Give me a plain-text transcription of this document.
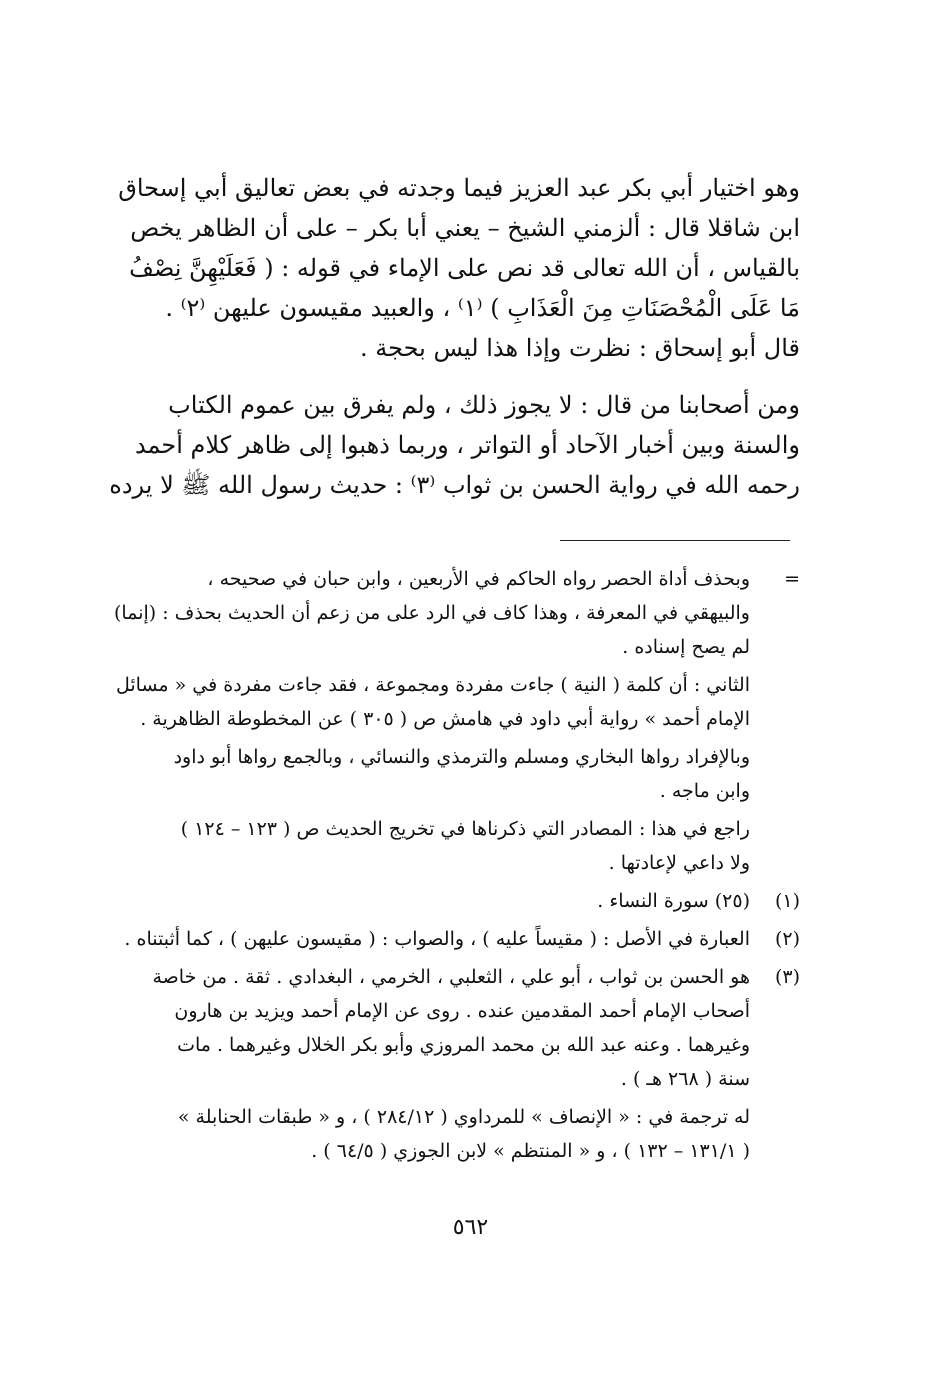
وهو اختيار أبي بكر عبد العزيز فيما وجدته في بعض تعاليق أبي إسحاق
ابن شاقلا قال : ألزمني الشيخ – يعني أبا بكر – على أن الظاهر يخص
بالقياس ، أن الله تعالى قد نص على الإماء في قوله : ( فَعَلَيْهِنَّ نِصْفُ
مَا عَلَى الْمُحْصَنَاتِ مِنَ الْعَذَابِ ) ⁽١⁾ ، والعبيد مقيسون عليهن ⁽٢⁾ .
قال أبو إسحاق : نظرت وإذا هذا ليس بحجة .
ومن أصحابنا من قال : لا يجوز ذلك ، ولم يفرق بين عموم الكتاب
والسنة وبين أخبار الآحاد أو التواتر ، وربما ذهبوا إلى ظاهر كلام أحمد
رحمه الله في رواية الحسن بن ثواب ⁽٣⁾ : حديث رسول الله ﷺ لا يرده
=
وبحذف أداة الحصر رواه الحاكم في الأربعين ، وابن حبان في صحيحه ،
والبيهقي في المعرفة ، وهذا كاف في الرد على من زعم أن الحديث بحذف : (إنما)
لم يصح إسناده .
الثاني : أن كلمة ( النية ) جاءت مفردة ومجموعة ، فقد جاءت مفردة في « مسائل
الإمام أحمد » رواية أبي داود في هامش ص ( ٣٠٥ ) عن المخطوطة الظاهرية .
وبالإفراد رواها البخاري ومسلم والترمذي والنسائي ، وبالجمع رواها أبو داود
وابن ماجه .
راجع في هذا : المصادر التي ذكرناها في تخريج الحديث ص ( ١٢٣ – ١٢٤ )
ولا داعي لإعادتها .
(١)
(٢٥) سورة النساء .
(٢)
العبارة في الأصل : ( مقيساً عليه ) ، والصواب : ( مقيسون عليهن ) ، كما أثبتناه .
(٣)
هو الحسن بن ثواب ، أبو علي ، الثعلبي ، الخرمي ، البغدادي . ثقة . من خاصة
أصحاب الإمام أحمد المقدمين عنده . روى عن الإمام أحمد ويزيد بن هارون
وغيرهما . وعنه عبد الله بن محمد المروزي وأبو بكر الخلال وغيرهما . مات
سنة ( ٢٦٨ هـ ) .
له ترجمة في : « الإنصاف » للمرداوي ( ٢٨٤/١٢ ) ، و « طبقات الحنابلة »
( ١٣١/١ – ١٣٢ ) ، و « المنتظم » لابن الجوزي ( ٦٤/٥ ) .
٥٦٢
